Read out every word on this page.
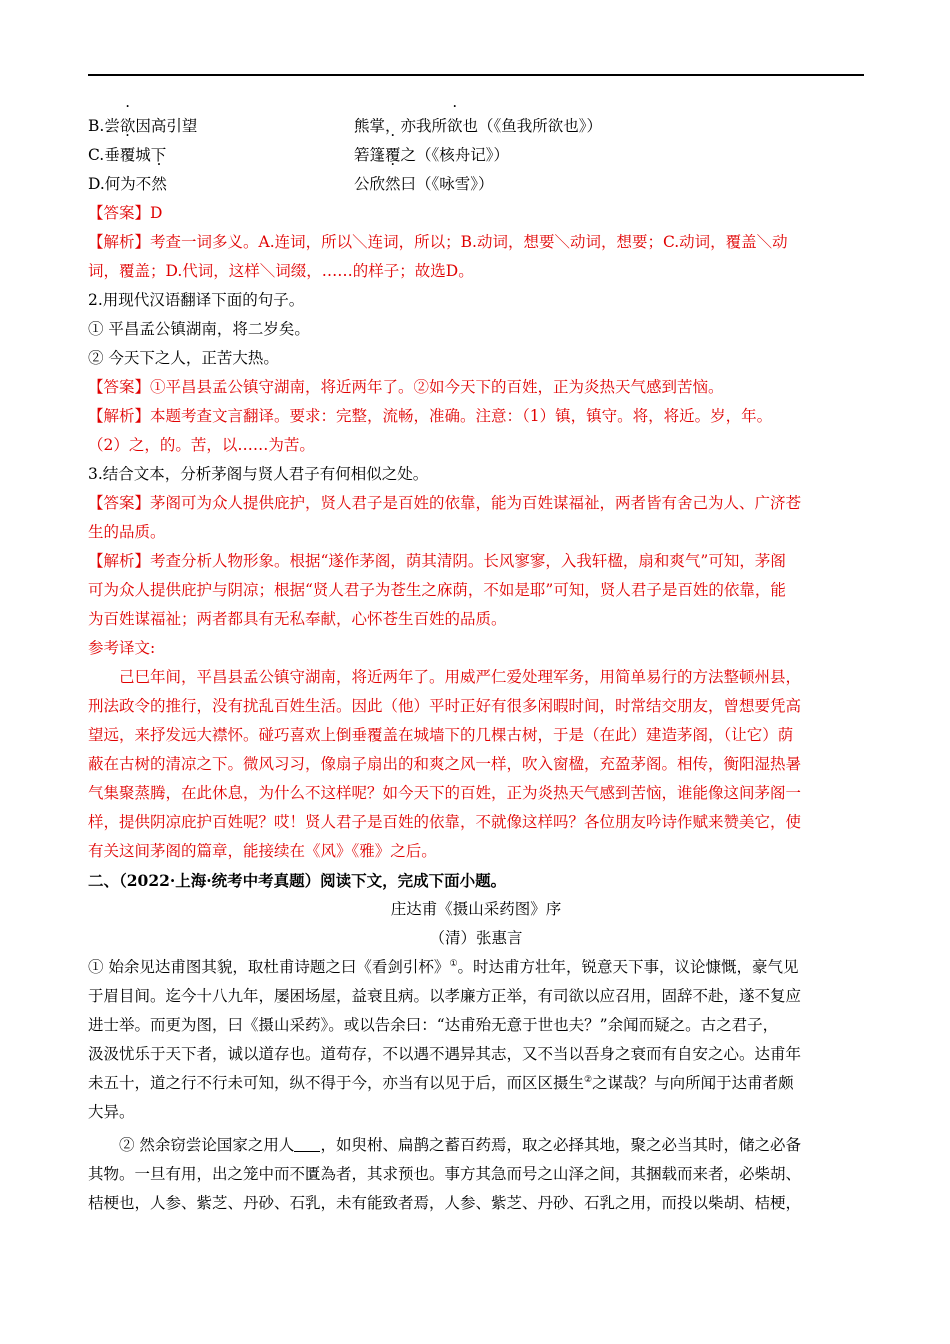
B.尝欲因高引望	熊掌，亦我所欲也（《鱼我所欲也》）
C.垂覆城下	箬篷覆之（《核舟记》）
D.何为不然	公欣然曰（《咏雪》）
【答案】D
【解析】考查一词多义。A.连词，所以＼连词，所以；B.动词，想要＼动词，想要；C.动词，覆盖＼动
词，覆盖；D.代词，这样＼词缀，……的样子；故选D。
2.用现代汉语翻译下面的句子。
① 平昌孟公镇湖南，将二岁矣。
② 今天下之人，正苦大热。
【答案】①平昌县孟公镇守湖南，将近两年了。②如今天下的百姓，正为炎热天气感到苦恼。
【解析】本题考查文言翻译。要求：完整，流畅，准确。注意：（1）镇，镇守。将，将近。岁，年。
（2）之，的。苦，以……为苦。
3.结合文本，分析茅阁与贤人君子有何相似之处。
【答案】茅阁可为众人提供庇护，贤人君子是百姓的依靠，能为百姓谋福祉，两者皆有舍己为人、广济苍
生的品质。
【解析】考查分析人物形象。根据“遂作茅阁，荫其清阴。长风寥寥，入我轩楹，扇和爽气”可知，茅阁
可为众人提供庇护与阴凉；根据“贤人君子为苍生之庥荫，不如是耶”可知，贤人君子是百姓的依靠，能
为百姓谋福祉；两者都具有无私奉献，心怀苍生百姓的品质。
参考译文:
己巳年间，平昌县孟公镇守湖南，将近两年了。用威严仁爱处理军务，用简单易行的方法整顿州县，
刑法政令的推行，没有扰乱百姓生活。因此（他）平时正好有很多闲暇时间，时常结交朋友，曾想要凭高
望远，来抒发远大襟怀。碰巧喜欢上倒垂覆盖在城墙下的几棵古树，于是（在此）建造茅阁，（让它）荫
蔽在古树的清凉之下。微风习习，像扇子扇出的和爽之风一样，吹入窗楹，充盈茅阁。相传，衡阳湿热暑
气集聚蒸腾，在此休息，为什么不这样呢？如今天下的百姓，正为炎热天气感到苦恼，谁能像这间茅阁一
样，提供阴凉庇护百姓呢？哎！贤人君子是百姓的依靠，不就像这样吗？各位朋友吟诗作赋来赞美它，使
有关这间茅阁的篇章，能接续在《风》《雅》之后。
二、（2022·上海·统考中考真题）阅读下文，完成下面小题。
庄达甫《摄山采药图》序
（清）张惠言
① 始余见达甫图其貌，取杜甫诗题之曰《看剑引杯》①。时达甫方壮年，锐意天下事，议论慷慨，豪气见
于眉目间。迄今十八九年，屡困场屋，益衰且病。以孝廉方正举，有司欲以应召用，固辞不赴，遂不复应
进士举。而更为图，曰《摄山采药》。或以告余曰：“达甫殆无意于世也夫？”余闻而疑之。古之君子，
汲汲忧乐于天下者，诚以道存也。道苟存，不以遇不遇异其志，又不当以吾身之衰而有自安之心。达甫年
未五十，道之行不行未可知，纵不得于今，亦当有以见于后，而区区摄生②之谋哉？与向所闻于达甫者颇
大异。
② 然余窃尝论国家之用人 ，如臾柎、扁鹊之蓄百药焉，取之必择其地，聚之必当其时，储之必备
其物。一旦有用，出之笼中而不匱為者，其求预也。事方其急而号之山泽之间，其捆载而来者，必柴胡、
桔梗也，人参、紫芝、丹砂、石乳，未有能致者焉，人参、紫芝、丹砂、石乳之用，而投以柴胡、桔梗，
